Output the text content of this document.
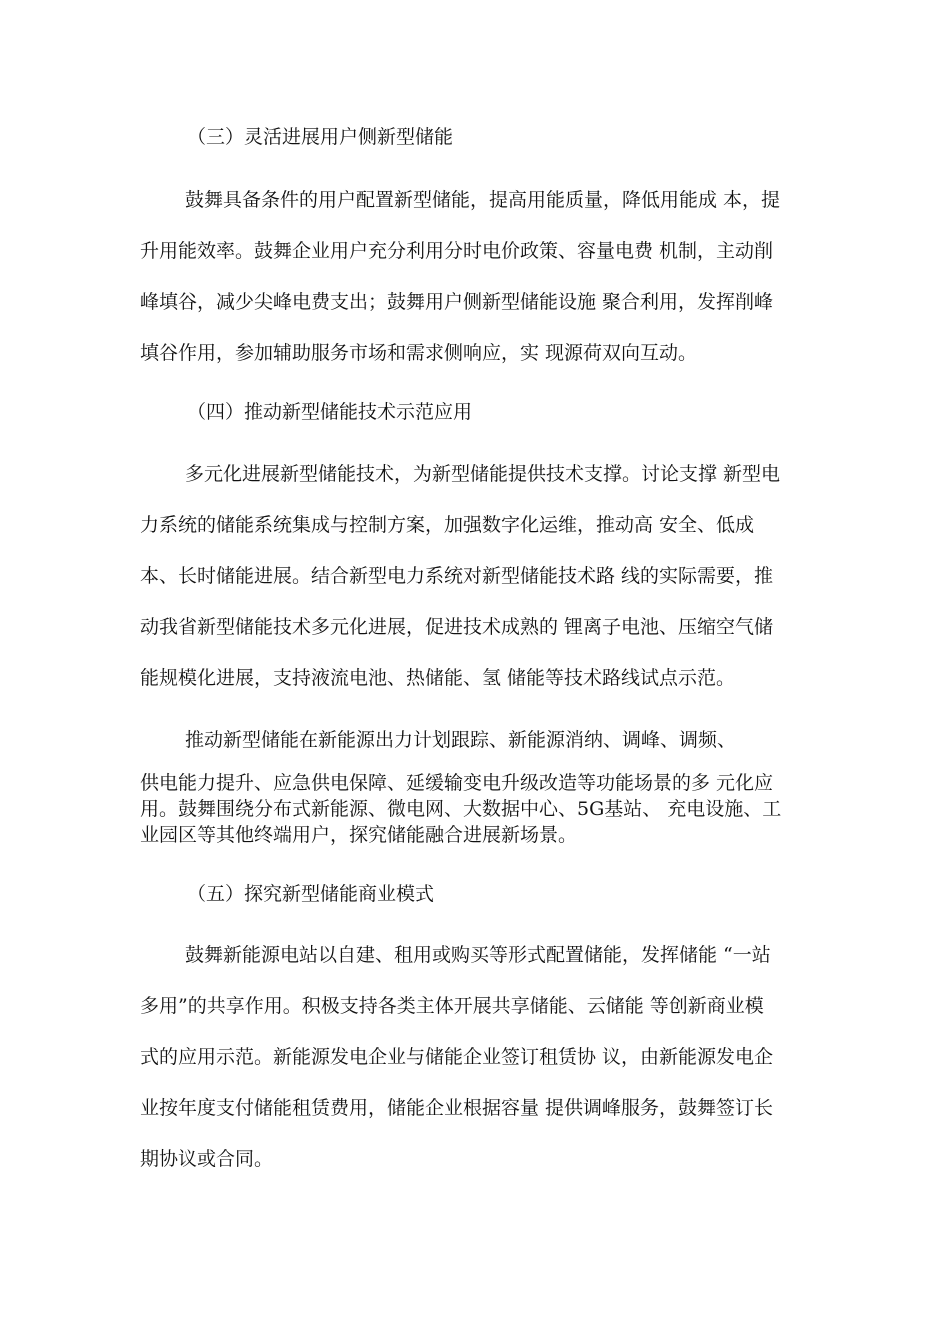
（三）灵活进展用户侧新型储能
鼓舞具备条件的用户配置新型储能，提高用能质量，降低用能成 本，提
升用能效率。鼓舞企业用户充分利用分时电价政策、容量电费 机制，主动削
峰填谷，减少尖峰电费支出；鼓舞用户侧新型储能设施 聚合利用，发挥削峰
填谷作用，参加辅助服务市场和需求侧响应，实 现源荷双向互动。
（四）推动新型储能技术示范应用
多元化进展新型储能技术，为新型储能提供技术支撑。讨论支撑 新型电
力系统的储能系统集成与控制方案，加强数字化运维，推动高 安全、低成
本、长时储能进展。结合新型电力系统对新型储能技术路 线的实际需要，推
动我省新型储能技术多元化进展，促进技术成熟的 锂离子电池、压缩空气储
能规模化进展，支持液流电池、热储能、氢 储能等技术路线试点示范。
推动新型储能在新能源出力计划跟踪、新能源消纳、调峰、调频、
供电能力提升、应急供电保障、延缓输变电升级改造等功能场景的多 元化应
用。鼓舞围绕分布式新能源、微电网、大数据中心、5G基站、 充电设施、工
业园区等其他终端用户，探究储能融合进展新场景。
（五）探究新型储能商业模式
鼓舞新能源电站以自建、租用或购买等形式配置储能，发挥储能 “一站
多用”的共享作用。积极支持各类主体开展共享储能、云储能 等创新商业模
式的应用示范。新能源发电企业与储能企业签订租赁协 议，由新能源发电企
业按年度支付储能租赁费用，储能企业根据容量 提供调峰服务，鼓舞签订长
期协议或合同。
